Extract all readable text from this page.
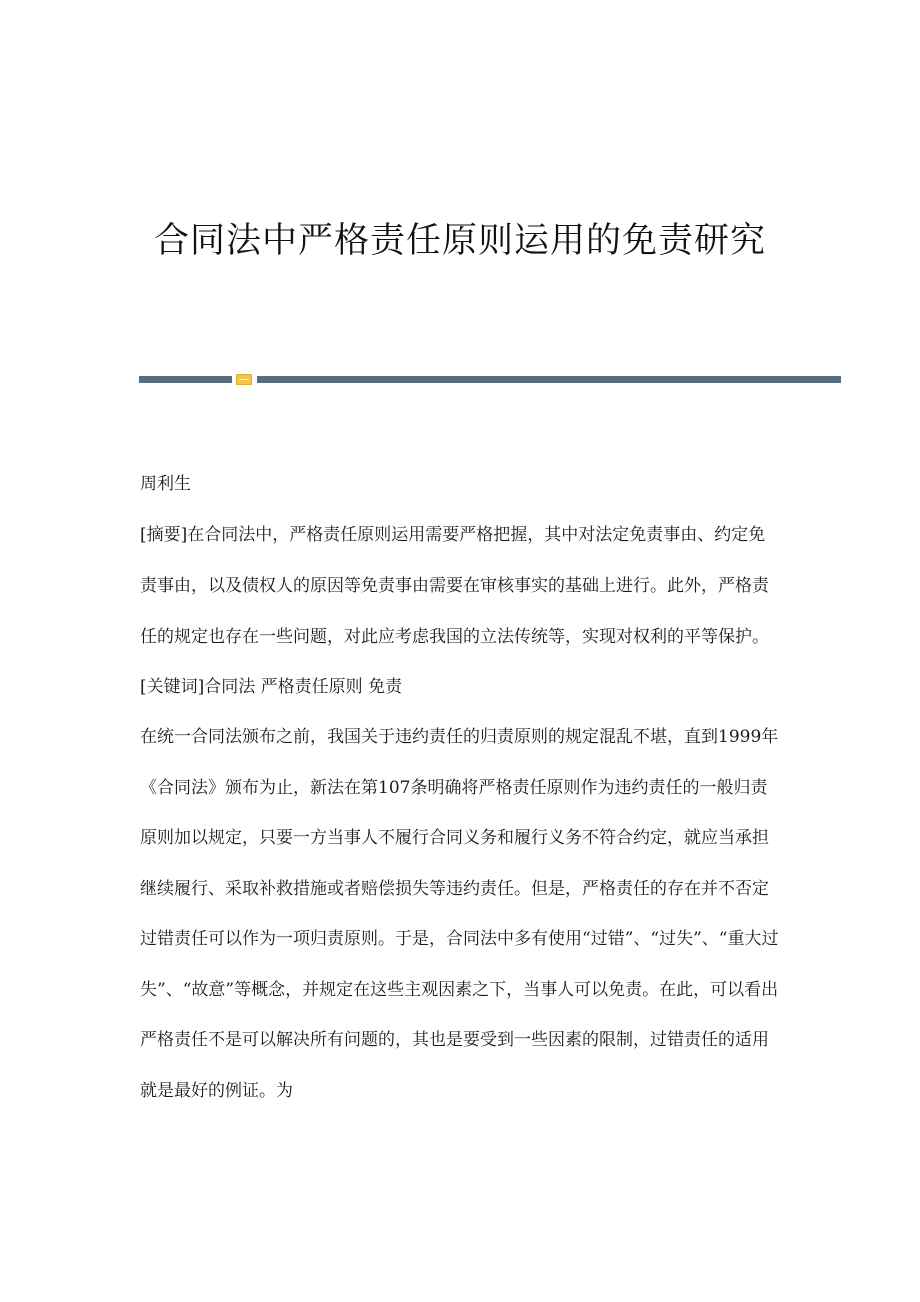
合同法中严格责任原则运用的免责研究

周利生

[摘要]在合同法中，严格责任原则运用需要严格把握，其中对法定免责事由、约定免责事由，以及债权人的原因等免责事由需要在审核事实的基础上进行。此外，严格责任的规定也存在一些问题，对此应考虑我国的立法传统等，实现对权利的平等保护。

[关键词]合同法 严格责任原则 免责

在统一合同法颁布之前，我国关于违约责任的归责原则的规定混乱不堪，直到1999年《合同法》颁布为止，新法在第107条明确将严格责任原则作为违约责任的一般归责原则加以规定，只要一方当事人不履行合同义务和履行义务不符合约定，就应当承担继续履行、采取补救措施或者赔偿损失等违约责任。但是，严格责任的存在并不否定过错责任可以作为一项归责原则。于是，合同法中多有使用“过错”、“过失”、“重大过失”、“故意”等概念，并规定在这些主观因素之下，当事人可以免责。在此，可以看出严格责任不是可以解决所有问题的，其也是要受到一些因素的限制，过错责任的适用就是最好的例证。为
